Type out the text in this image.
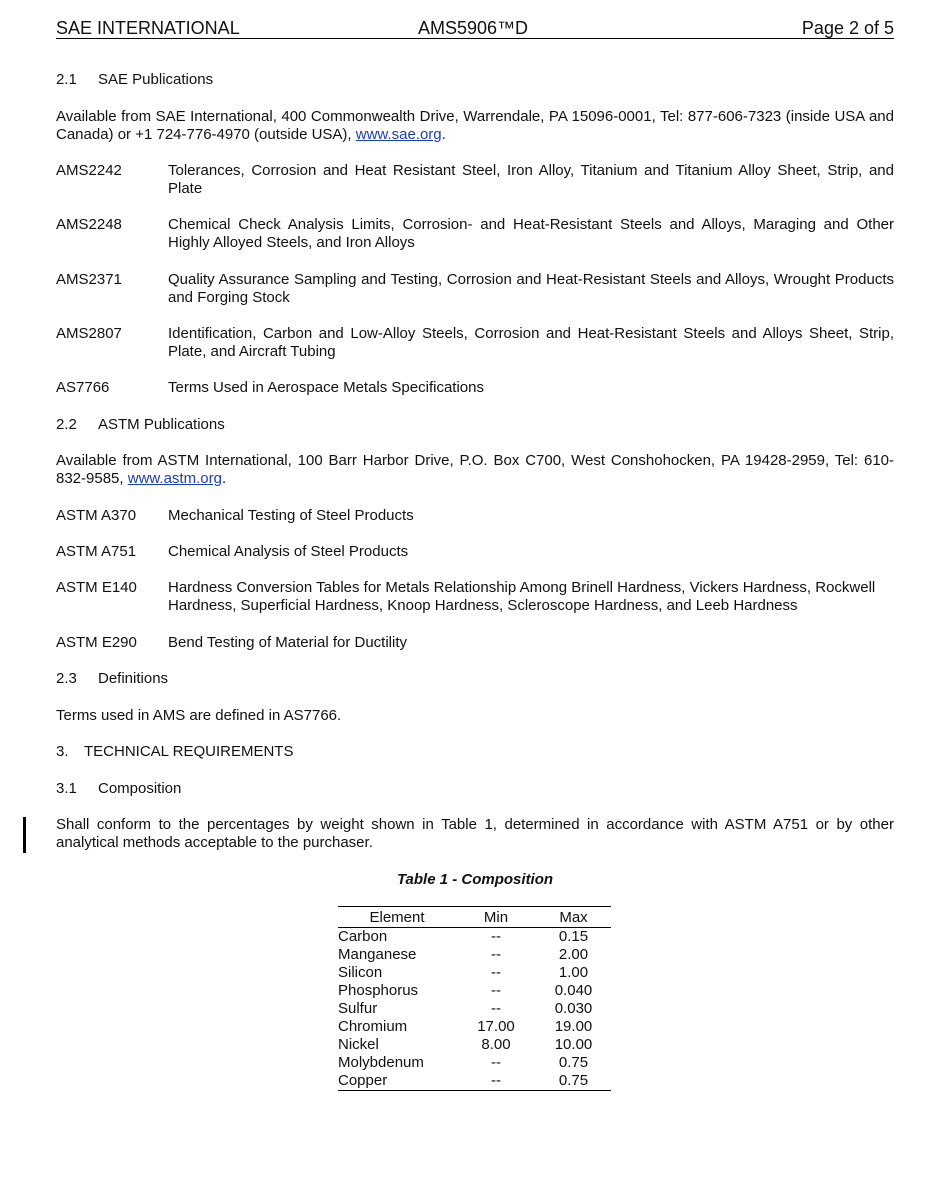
SAE INTERNATIONAL	AMS5906™D	Page 2 of 5
2.1 SAE Publications
Available from SAE International, 400 Commonwealth Drive, Warrendale, PA 15096-0001, Tel: 877-606-7323 (inside USA and Canada) or +1 724-776-4970 (outside USA), www.sae.org.
AMS2242	Tolerances, Corrosion and Heat Resistant Steel, Iron Alloy, Titanium and Titanium Alloy Sheet, Strip, and Plate
AMS2248	Chemical Check Analysis Limits, Corrosion- and Heat-Resistant Steels and Alloys, Maraging and Other Highly Alloyed Steels, and Iron Alloys
AMS2371	Quality Assurance Sampling and Testing, Corrosion and Heat-Resistant Steels and Alloys, Wrought Products and Forging Stock
AMS2807	Identification, Carbon and Low-Alloy Steels, Corrosion and Heat-Resistant Steels and Alloys Sheet, Strip, Plate, and Aircraft Tubing
AS7766	Terms Used in Aerospace Metals Specifications
2.2 ASTM Publications
Available from ASTM International, 100 Barr Harbor Drive, P.O. Box C700, West Conshohocken, PA 19428-2959, Tel: 610-832-9585, www.astm.org.
ASTM A370 Mechanical Testing of Steel Products
ASTM A751 Chemical Analysis of Steel Products
ASTM E140 Hardness Conversion Tables for Metals Relationship Among Brinell Hardness, Vickers Hardness, Rockwell Hardness, Superficial Hardness, Knoop Hardness, Scleroscope Hardness, and Leeb Hardness
ASTM E290 Bend Testing of Material for Ductility
2.3 Definitions
Terms used in AMS are defined in AS7766.
3. TECHNICAL REQUIREMENTS
3.1 Composition
Shall conform to the percentages by weight shown in Table 1, determined in accordance with ASTM A751 or by other analytical methods acceptable to the purchaser.
Table 1 - Composition
Element	Min	Max
Carbon	--	0.15
Manganese	--	2.00
Silicon	--	1.00
Phosphorus	--	0.040
Sulfur	--	0.030
Chromium	17.00	19.00
Nickel	8.00	10.00
Molybdenum	--	0.75
Copper	--	0.75
